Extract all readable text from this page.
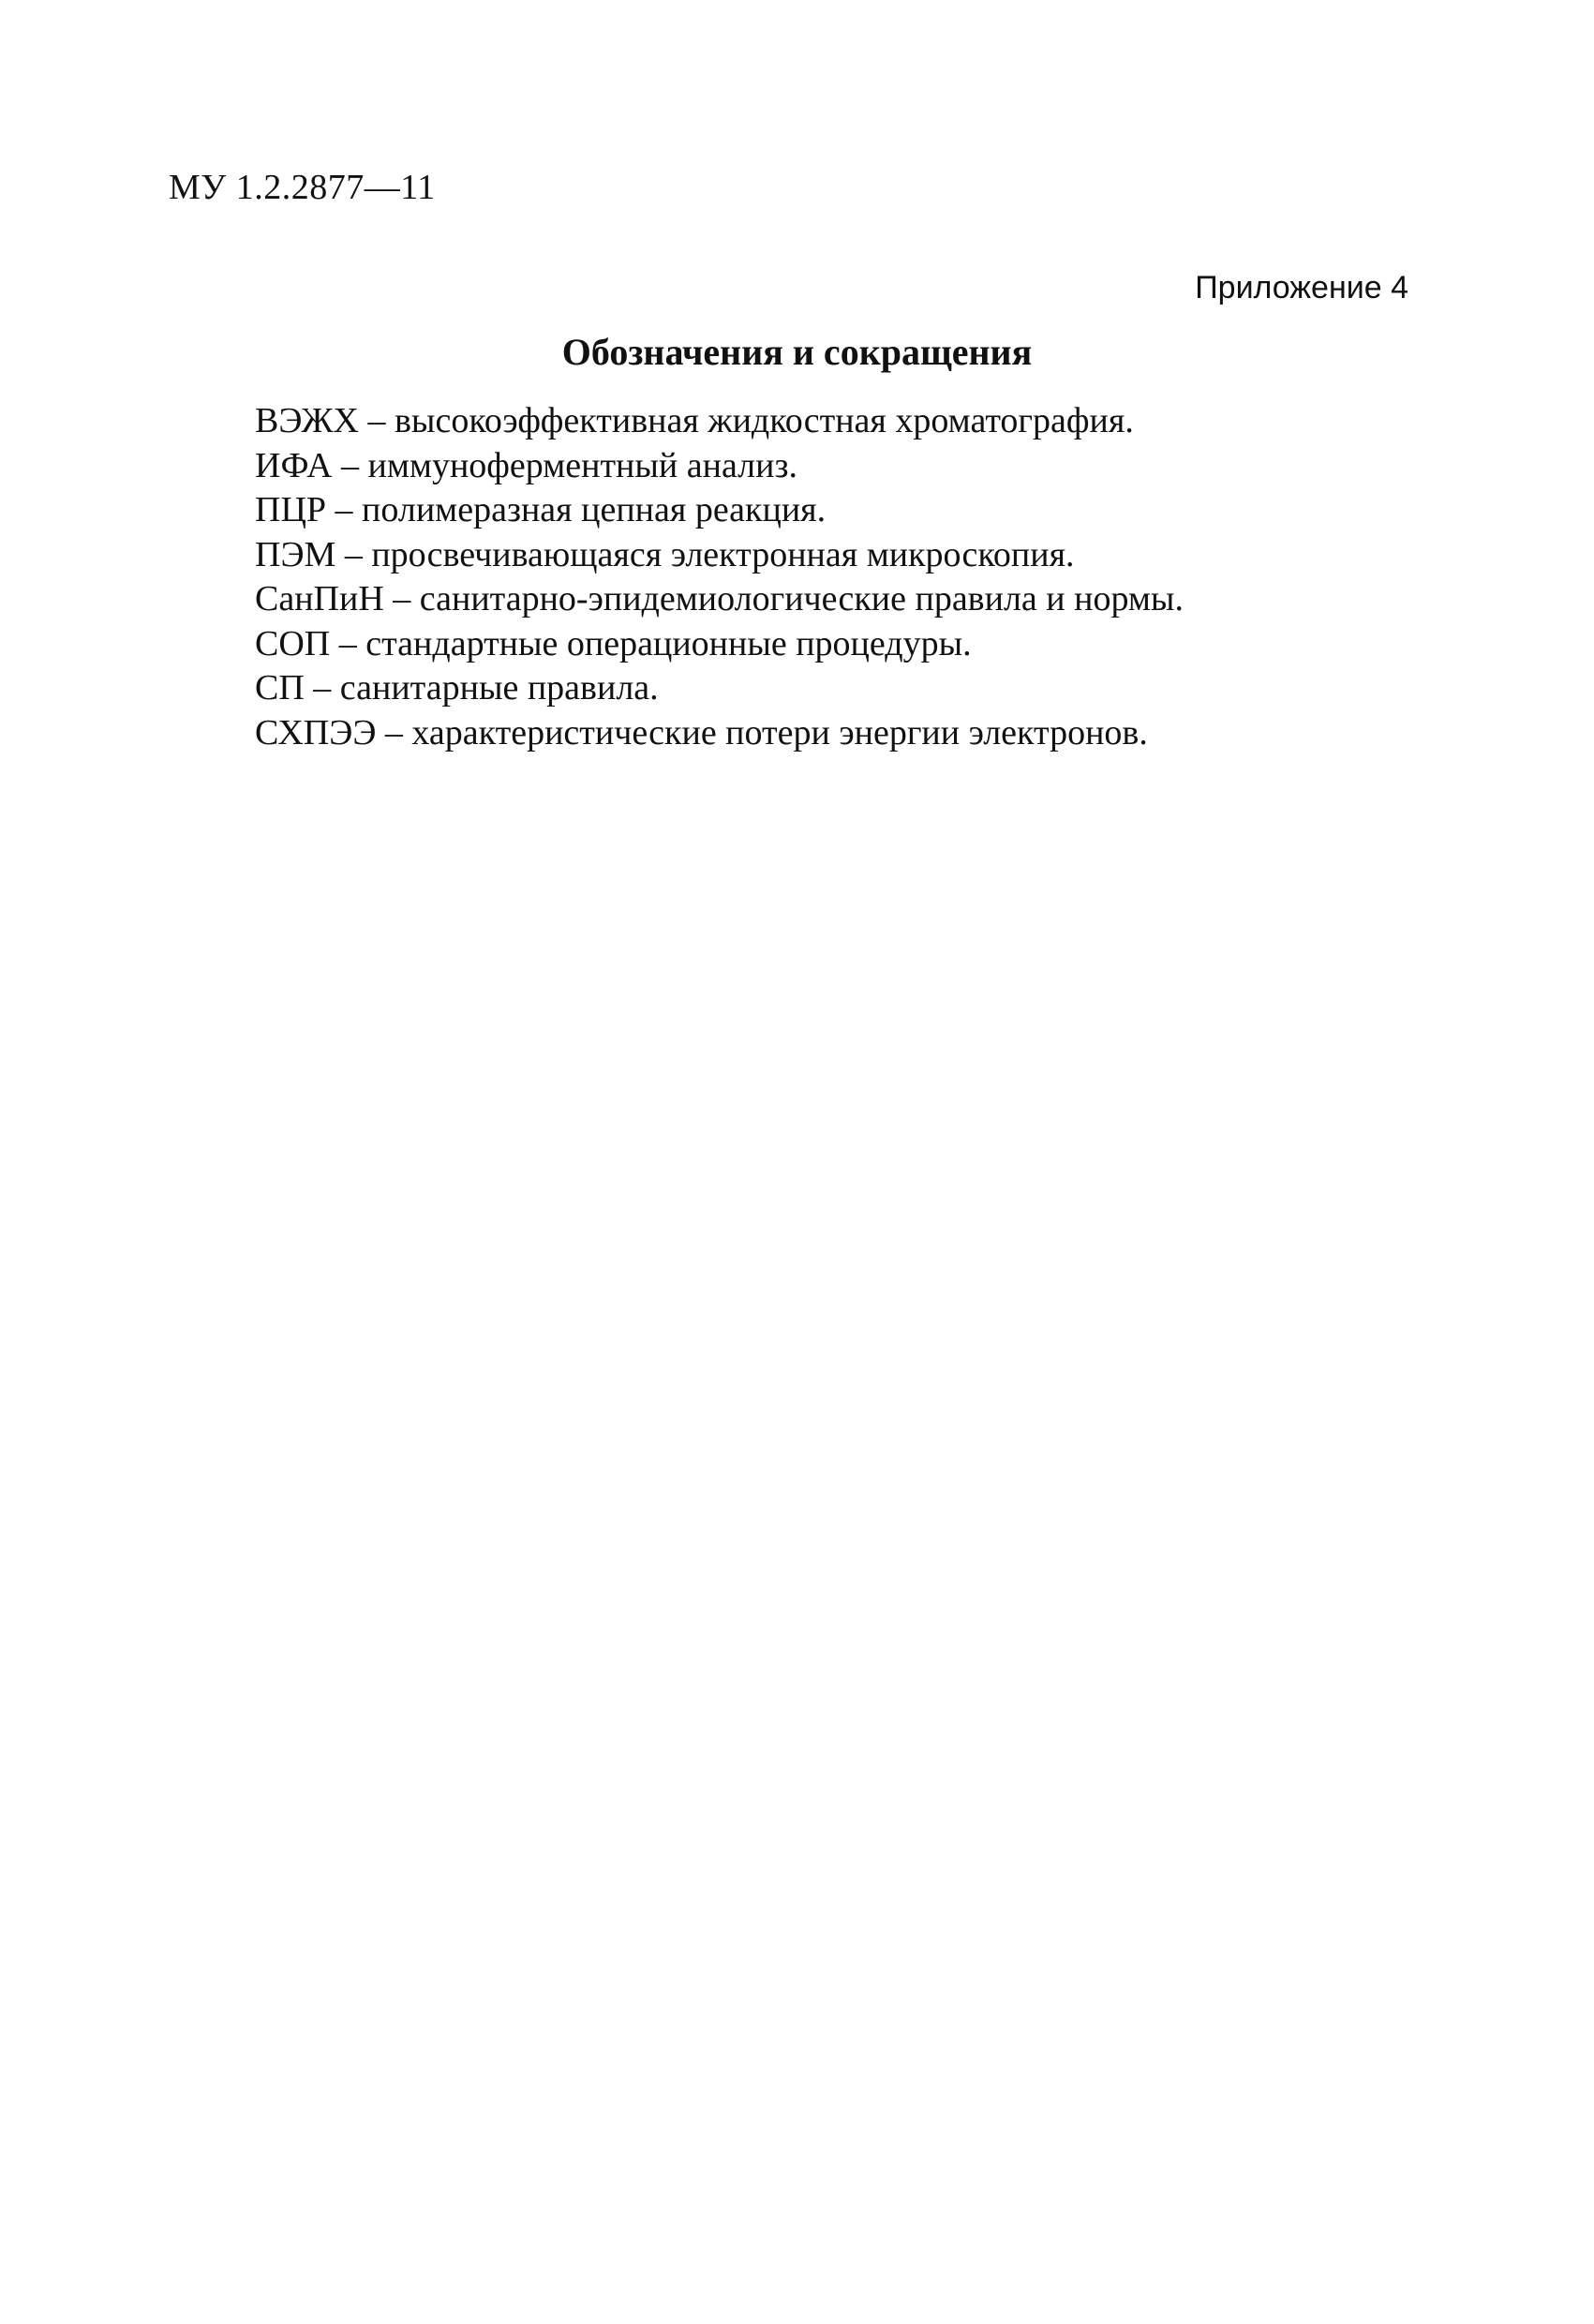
МУ 1.2.2877—11

Приложение 4

Обозначения и сокращения
ВЭЖХ – высокоэффективная жидкостная хроматография.
ИФА – иммуноферментный анализ.
ПЦР – полимеразная цепная реакция.
ПЭМ – просвечивающаяся электронная микроскопия.
СанПиН – санитарно-эпидемиологические правила и нормы.
СОП – стандартные операционные процедуры.
СП – санитарные правила.
СХПЭЭ – характеристические потери энергии электронов.
